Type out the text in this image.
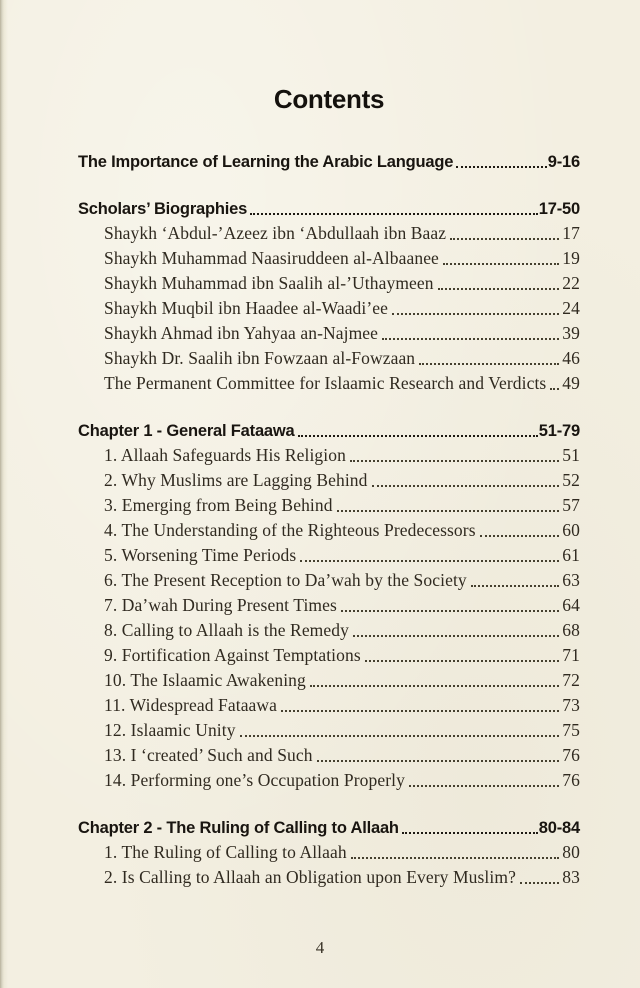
Contents
The Importance of Learning the Arabic Language	9-16
Scholars’ Biographies	17-50
Shaykh ‘Abdul-’Azeez ibn ‘Abdullaah ibn Baaz	17
Shaykh Muhammad Naasiruddeen al-Albaanee	19
Shaykh Muhammad ibn Saalih al-’Uthaymeen	22
Shaykh Muqbil ibn Haadee al-Waadi’ee	24
Shaykh Ahmad ibn Yahyaa an-Najmee	39
Shaykh Dr. Saalih ibn Fowzaan al-Fowzaan	46
The Permanent Committee for Islaamic Research and Verdicts 49
Chapter 1 - General Fataawa	51-79
1. Allaah Safeguards His Religion	51
2. Why Muslims are Lagging Behind	52
3. Emerging from Being Behind	57
4. The Understanding of the Righteous Predecessors	60
5. Worsening Time Periods	61
6. The Present Reception to Da’wah by the Society	63
7. Da’wah During Present Times	64
8. Calling to Allaah is the Remedy	68
9. Fortification Against Temptations	71
10. The Islaamic Awakening	72
11. Widespread Fataawa	73
12. Islaamic Unity	75
13. I ‘created’ Such and Such	76
14. Performing one’s Occupation Properly	76
Chapter 2 - The Ruling of Calling to Allaah	80-84
1. The Ruling of Calling to Allaah	80
2. Is Calling to Allaah an Obligation upon Every Muslim?	83
4
